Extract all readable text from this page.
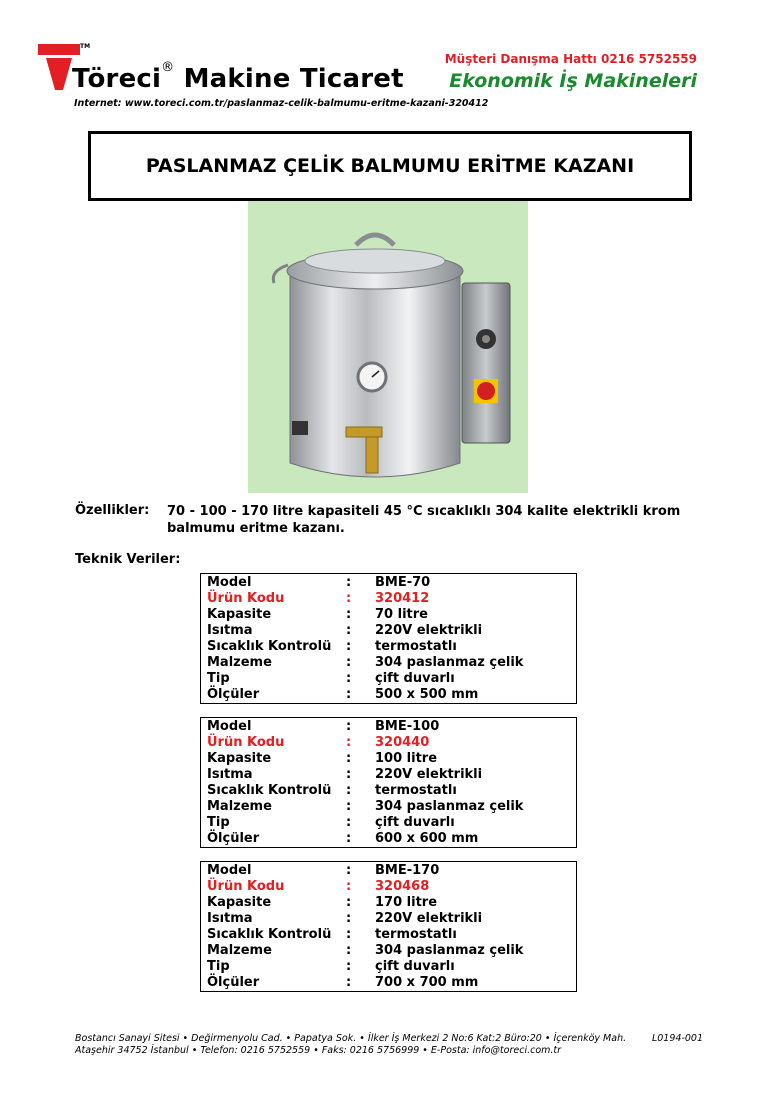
TM
Töreci® Makine Ticaret
Internet: www.toreci.com.tr/paslanmaz-celik-balmumu-eritme-kazani-320412
Müşteri Danışma Hattı 0216 5752559
Ekonomik İş Makineleri
PASLANMAZ ÇELİK BALMUMU ERİTME KAZANI
Özellikler: 70 - 100 - 170 litre kapasiteli 45 °C sıcaklıklı 304 kalite elektrikli krom balmumu eritme kazanı.
Teknik Veriler:
Model	: BME-70
Ürün Kodu	: 320412
Kapasite	: 70 litre
Isıtma	: 220V elektrikli
Sıcaklık Kontrolü : termostatlı
Malzeme	: 304 paslanmaz çelik
Tip	: çift duvarlı
Ölçüler	: 500 x 500 mm
Model	: BME-100
Ürün Kodu	: 320440
Kapasite	: 100 litre
Isıtma	: 220V elektrikli
Sıcaklık Kontrolü : termostatlı
Malzeme	: 304 paslanmaz çelik
Tip	: çift duvarlı
Ölçüler	: 600 x 600 mm
Model	: BME-170
Ürün Kodu	: 320468
Kapasite	: 170 litre
Isıtma	: 220V elektrikli
Sıcaklık Kontrolü : termostatlı
Malzeme	: 304 paslanmaz çelik
Tip	: çift duvarlı
Ölçüler	: 700 x 700 mm
Bostancı Sanayi Sitesi • Değirmenyolu Cad. • Papatya Sok. • İlker İş Merkezi 2 No:6 Kat:2 Büro:20 • İçerenköy Mah.
Ataşehir 34752 İstanbul • Telefon: 0216 5752559 • Faks: 0216 5756999 • E-Posta: info@toreci.com.tr
L0194-001
